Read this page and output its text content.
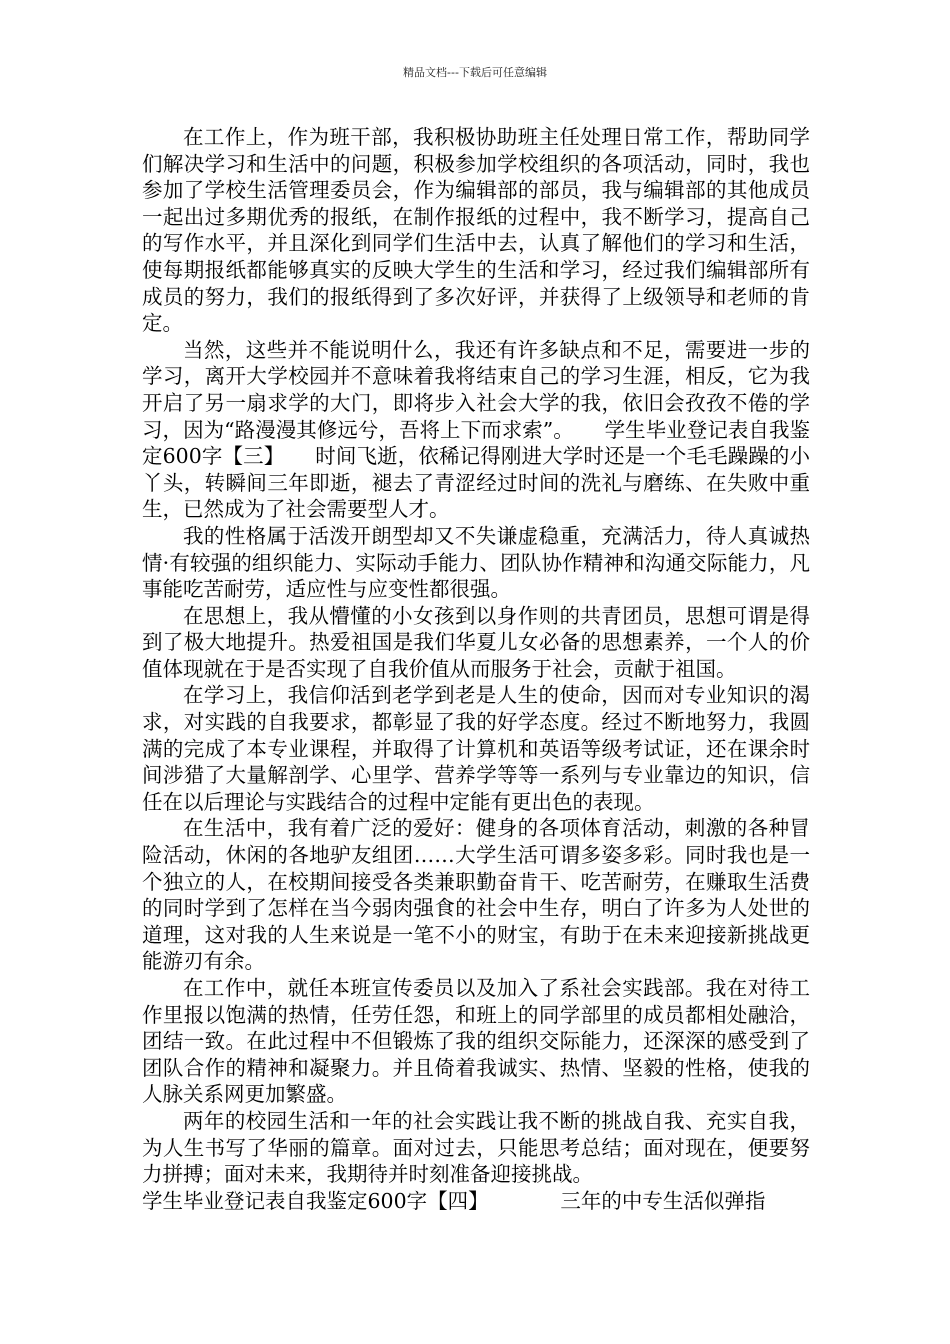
精品文档---下载后可任意编辑

在工作上，作为班干部，我积极协助班主任处理日常工作，帮助同学们解决学习和生活中的问题，积极参加学校组织的各项活动，同时，我也参加了学校生活管理委员会，作为编辑部的部员，我与编辑部的其他成员一起出过多期优秀的报纸，在制作报纸的过程中，我不断学习，提高自己的写作水平，并且深化到同学们生活中去，认真了解他们的学习和生活，使每期报纸都能够真实的反映大学生的生活和学习，经过我们编辑部所有成员的努力，我们的报纸得到了多次好评，并获得了上级领导和老师的肯定。

当然，这些并不能说明什么，我还有许多缺点和不足，需要进一步的学习，离开大学校园并不意味着我将结束自己的学习生涯，相反，它为我开启了另一扇求学的大门，即将步入社会大学的我，依旧会孜孜不倦的学习，因为“路漫漫其修远兮，吾将上下而求索”。　　学生毕业登记表自我鉴定600字【三】　　时间飞逝，依稀记得刚进大学时还是一个毛毛躁躁的小丫头，转瞬间三年即逝，褪去了青涩经过时间的洗礼与磨练、在失败中重生，已然成为了社会需要型人才。

我的性格属于活泼开朗型却又不失谦虚稳重，充满活力，待人真诚热情·有较强的组织能力、实际动手能力、团队协作精神和沟通交际能力，凡事能吃苦耐劳，适应性与应变性都很强。

在思想上，我从懵懂的小女孩到以身作则的共青团员，思想可谓是得到了极大地提升。热爱祖国是我们华夏儿女必备的思想素养，一个人的价值体现就在于是否实现了自我价值从而服务于社会，贡献于祖国。

在学习上，我信仰活到老学到老是人生的使命，因而对专业知识的渴求，对实践的自我要求，都彰显了我的好学态度。经过不断地努力，我圆满的完成了本专业课程，并取得了计算机和英语等级考试证，还在课余时间涉猎了大量解剖学、心里学、营养学等等一系列与专业靠边的知识，信任在以后理论与实践结合的过程中定能有更出色的表现。

在生活中，我有着广泛的爱好：健身的各项体育活动，刺激的各种冒险活动，休闲的各地驴友组团……大学生活可谓多姿多彩。同时我也是一个独立的人，在校期间接受各类兼职勤奋肯干、吃苦耐劳，在赚取生活费的同时学到了怎样在当今弱肉强食的社会中生存，明白了许多为人处世的道理，这对我的人生来说是一笔不小的财宝，有助于在未来迎接新挑战更能游刃有余。

在工作中，就任本班宣传委员以及加入了系社会实践部。我在对待工作里报以饱满的热情，任劳任怨，和班上的同学部里的成员都相处融洽，团结一致。在此过程中不但锻炼了我的组织交际能力，还深深的感受到了团队合作的精神和凝聚力。并且倚着我诚实、热情、坚毅的性格，使我的人脉关系网更加繁盛。

两年的校园生活和一年的社会实践让我不断的挑战自我、充实自我，为人生书写了华丽的篇章。面对过去，只能思考总结；面对现在，便要努力拼搏；面对未来，我期待并时刻准备迎接挑战。

学生毕业登记表自我鉴定600字【四】　　　　三年的中专生活似弹指
